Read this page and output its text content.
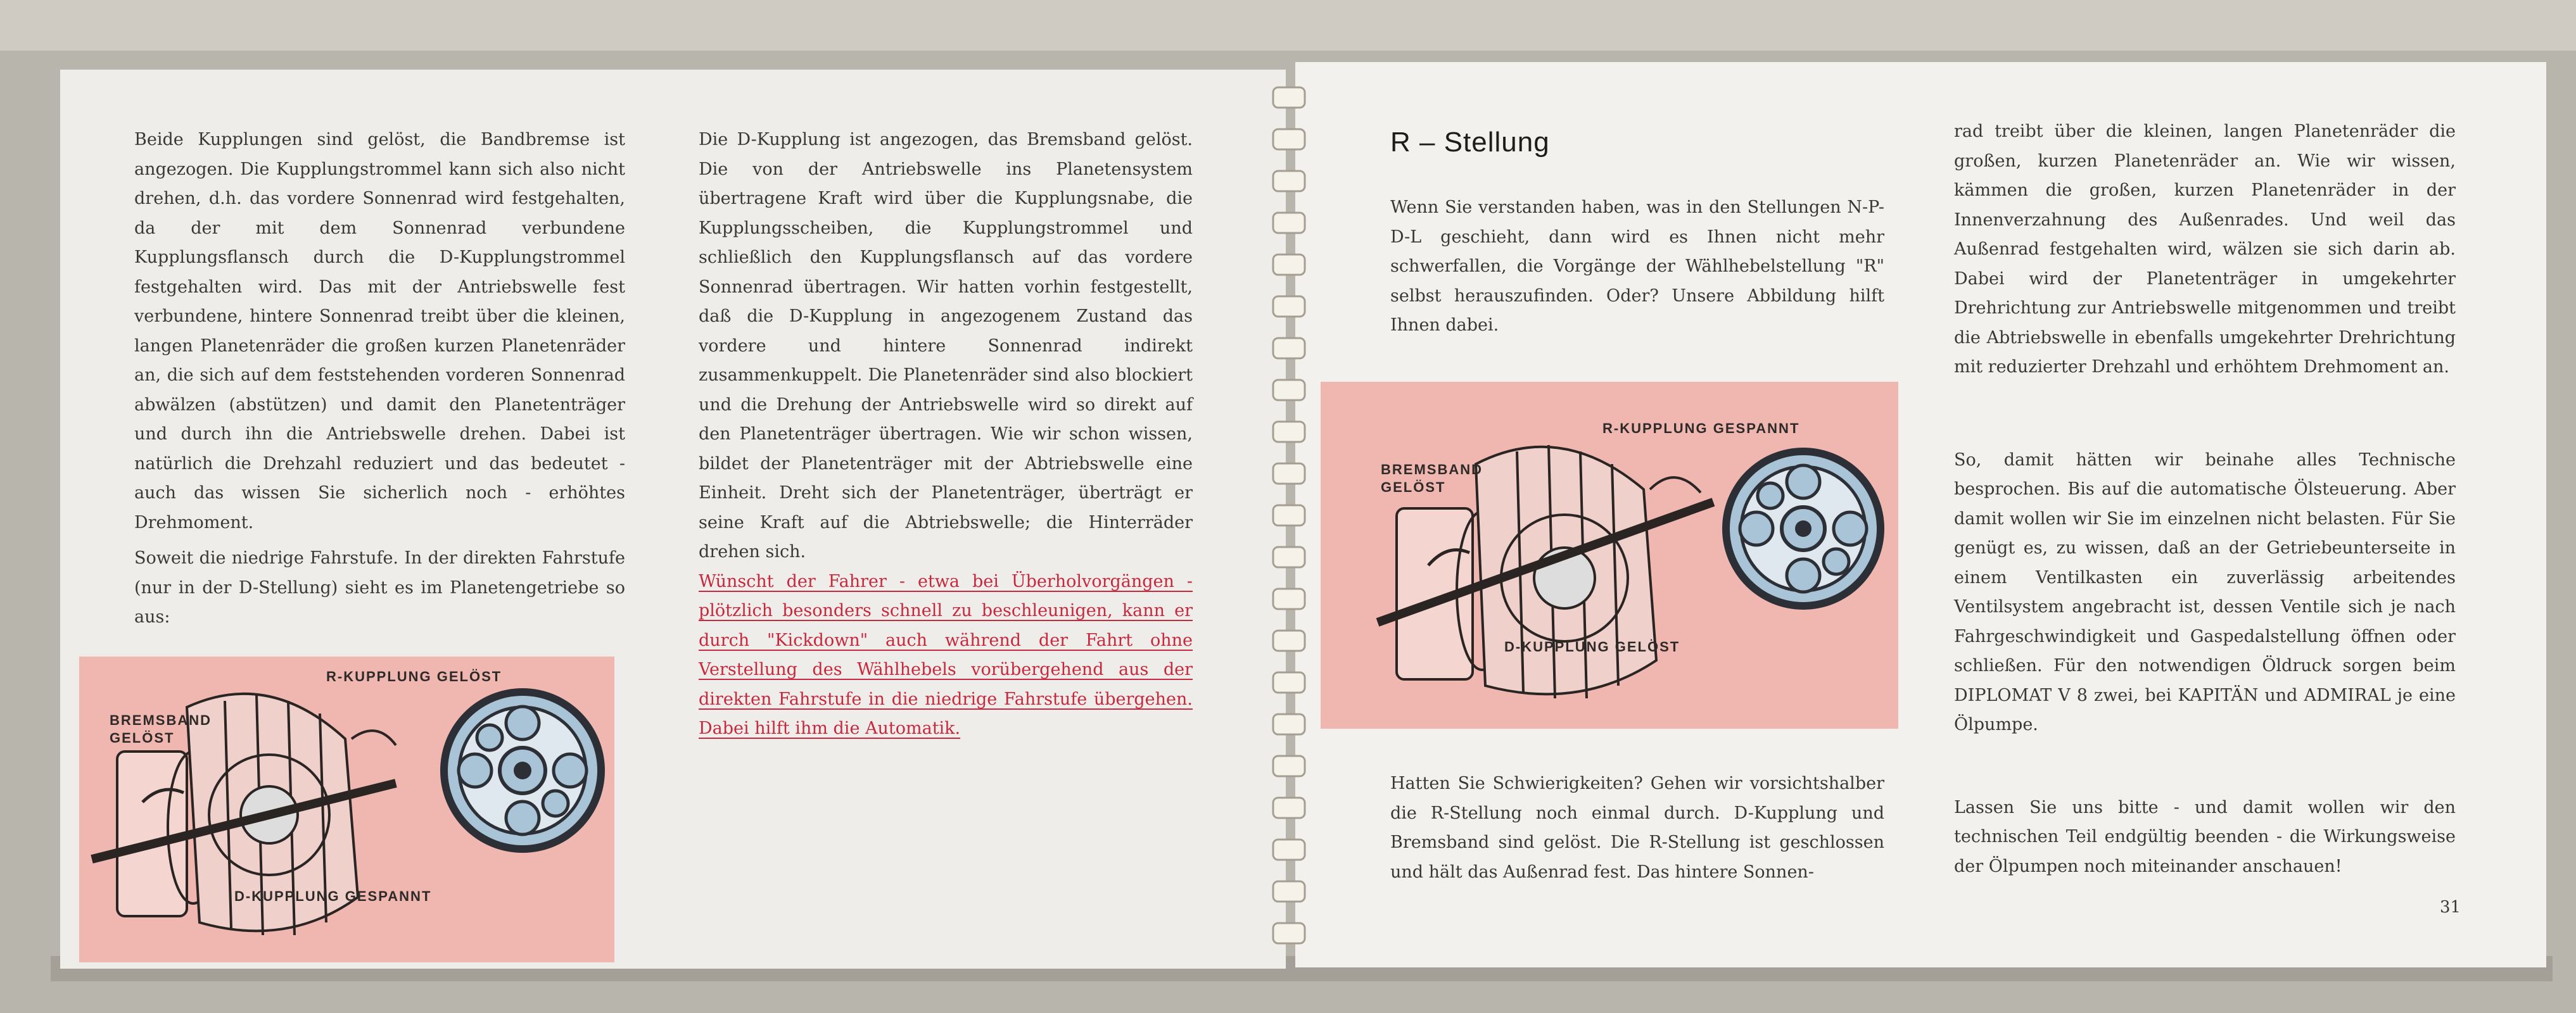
Beide Kupplungen sind gelöst, die Bandbremse ist angezogen. Die Kupplungstrommel kann sich also nicht drehen, d.h. das vordere Sonnenrad wird festgehalten, da der mit dem Sonnenrad verbundene Kupplungsflansch durch die D-Kupplungstrommel festgehalten wird. Das mit der Antriebswelle fest verbundene, hintere Sonnenrad treibt über die kleinen, langen Planetenräder die großen kurzen Planetenräder an, die sich auf dem feststehenden vorderen Sonnenrad abwälzen (abstützen) und damit den Planetenträger und durch ihn die Antriebswelle drehen. Dabei ist natürlich die Drehzahl reduziert und das bedeutet - auch das wissen Sie sicherlich noch - erhöhtes Drehmoment.

Soweit die niedrige Fahrstufe. In der direkten Fahrstufe (nur in der D-Stellung) sieht es im Planetengetriebe so aus:

Die D-Kupplung ist angezogen, das Bremsband gelöst. Die von der Antriebswelle ins Planetensystem übertragene Kraft wird über die Kupplungsnabe, die Kupplungsscheiben, die Kupplungstrommel und schließlich den Kupplungsflansch auf das vordere Sonnenrad übertragen. Wir hatten vorhin festgestellt, daß die D-Kupplung in angezogenem Zustand das vordere und hintere Sonnenrad indirekt zusammenkuppelt. Die Planetenräder sind also blockiert und die Drehung der Antriebswelle wird so direkt auf den Planetenträger übertragen. Wie wir schon wissen, bildet der Planetenträger mit der Abtriebswelle eine Einheit. Dreht sich der Planetenträger, überträgt er seine Kraft auf die Abtriebswelle; die Hinterräder drehen sich.

Wünscht der Fahrer - etwa bei Überholvorgängen - plötzlich besonders schnell zu beschleunigen, kann er durch "Kickdown" auch während der Fahrt ohne Verstellung des Wählhebels vorübergehend aus der direkten Fahrstufe in die niedrige Fahrstufe übergehen. Dabei hilft ihm die Automatik.

R-KUPPLUNG GELÖST
BREMSBAND
GELÖST
D-KUPPLUNG GESPANNT
R – Stellung

Wenn Sie verstanden haben, was in den Stellungen N-P-D-L geschieht, dann wird es Ihnen nicht mehr schwerfallen, die Vorgänge der Wählhebelstellung "R" selbst herauszufinden. Oder? Unsere Abbildung hilft Ihnen dabei.

R-KUPPLUNG GESPANNT
BREMSBAND
GELÖST
D-KUPPLUNG GELÖST

Hatten Sie Schwierigkeiten? Gehen wir vorsichtshalber die R-Stellung noch einmal durch. D-Kupplung und Bremsband sind gelöst. Die R-Stellung ist geschlossen und hält das Außenrad fest. Das hintere Sonnen-

rad treibt über die kleinen, langen Planetenräder die großen, kurzen Planetenräder an. Wie wir wissen, kämmen die großen, kurzen Planetenräder in der Innenverzahnung des Außenrades. Und weil das Außenrad festgehalten wird, wälzen sie sich darin ab. Dabei wird der Planetenträger in umgekehrter Drehrichtung zur Antriebswelle mitgenommen und treibt die Abtriebswelle in ebenfalls umgekehrter Drehrichtung mit reduzierter Drehzahl und erhöhtem Drehmoment an.

So, damit hätten wir beinahe alles Technische besprochen. Bis auf die automatische Ölsteuerung. Aber damit wollen wir Sie im einzelnen nicht belasten. Für Sie genügt es, zu wissen, daß an der Getriebeunterseite in einem Ventilkasten ein zuverlässig arbeitendes Ventilsystem angebracht ist, dessen Ventile sich je nach Fahrgeschwindigkeit und Gaspedalstellung öffnen oder schließen. Für den notwendigen Öldruck sorgen beim DIPLOMAT V 8 zwei, bei KAPITÄN und ADMIRAL je eine Ölpumpe.

Lassen Sie uns bitte - und damit wollen wir den technischen Teil endgültig beenden - die Wirkungsweise der Ölpumpen noch miteinander anschauen!

31
